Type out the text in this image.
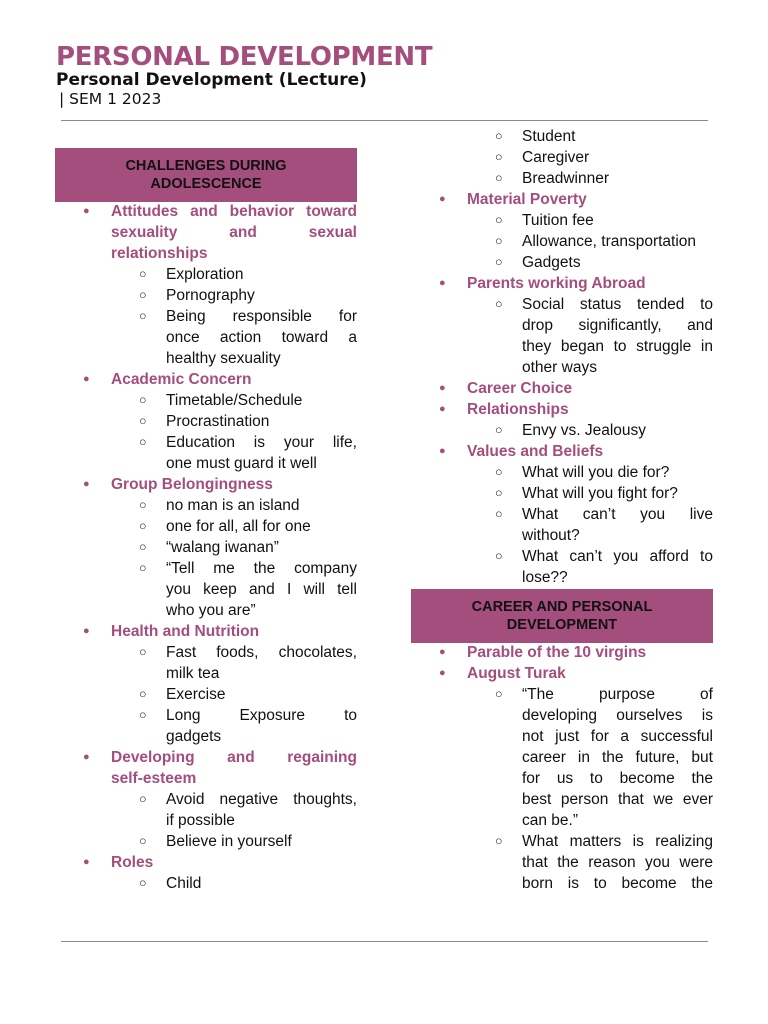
PERSONAL DEVELOPMENT
Personal Development (Lecture)
| SEM 1 2023
CHALLENGES DURING
ADOLESCENCE
● Attitudes and behavior toward
sexuality	and	sexual
relationships
○ Exploration
○ Pornography
○ Being responsible for
once action toward a
healthy sexuality
● Academic Concern
○ Timetable/Schedule
○ Procrastination
○ Education is your life,
one must guard it well
● Group Belongingness
○ no man is an island
○ one for all, all for one
○ “walang iwanan”
○ “Tell me the company
you keep and I will tell
who you are”
● Health and Nutrition
○ Fast foods, chocolates,
milk tea
○ Exercise
○ Long	Exposure	to
gadgets
● Developing and regaining
self-esteem
○ Avoid negative thoughts,
if possible
○ Believe in yourself
● Roles
○ Child
○ Student
○ Caregiver
○ Breadwinner
● Material Poverty
○ Tuition fee
○ Allowance, transportation
○ Gadgets
● Parents working Abroad
○ Social status tended to
drop significantly, and
they began to struggle in
other ways
● Career Choice
● Relationships
○ Envy vs. Jealousy
● Values and Beliefs
○ What will you die for?
○ What will you fight for?
○ What can’t you live
without?
○ What can’t you afford to
lose??
CAREER AND PERSONAL
DEVELOPMENT
● Parable of the 10 virgins
● August Turak
○ “The	purpose	of
developing ourselves is
not just for a successful
career in the future, but
for us to become the
best person that we ever
can be.”
○ What matters is realizing
that the reason you were
born is to become the
